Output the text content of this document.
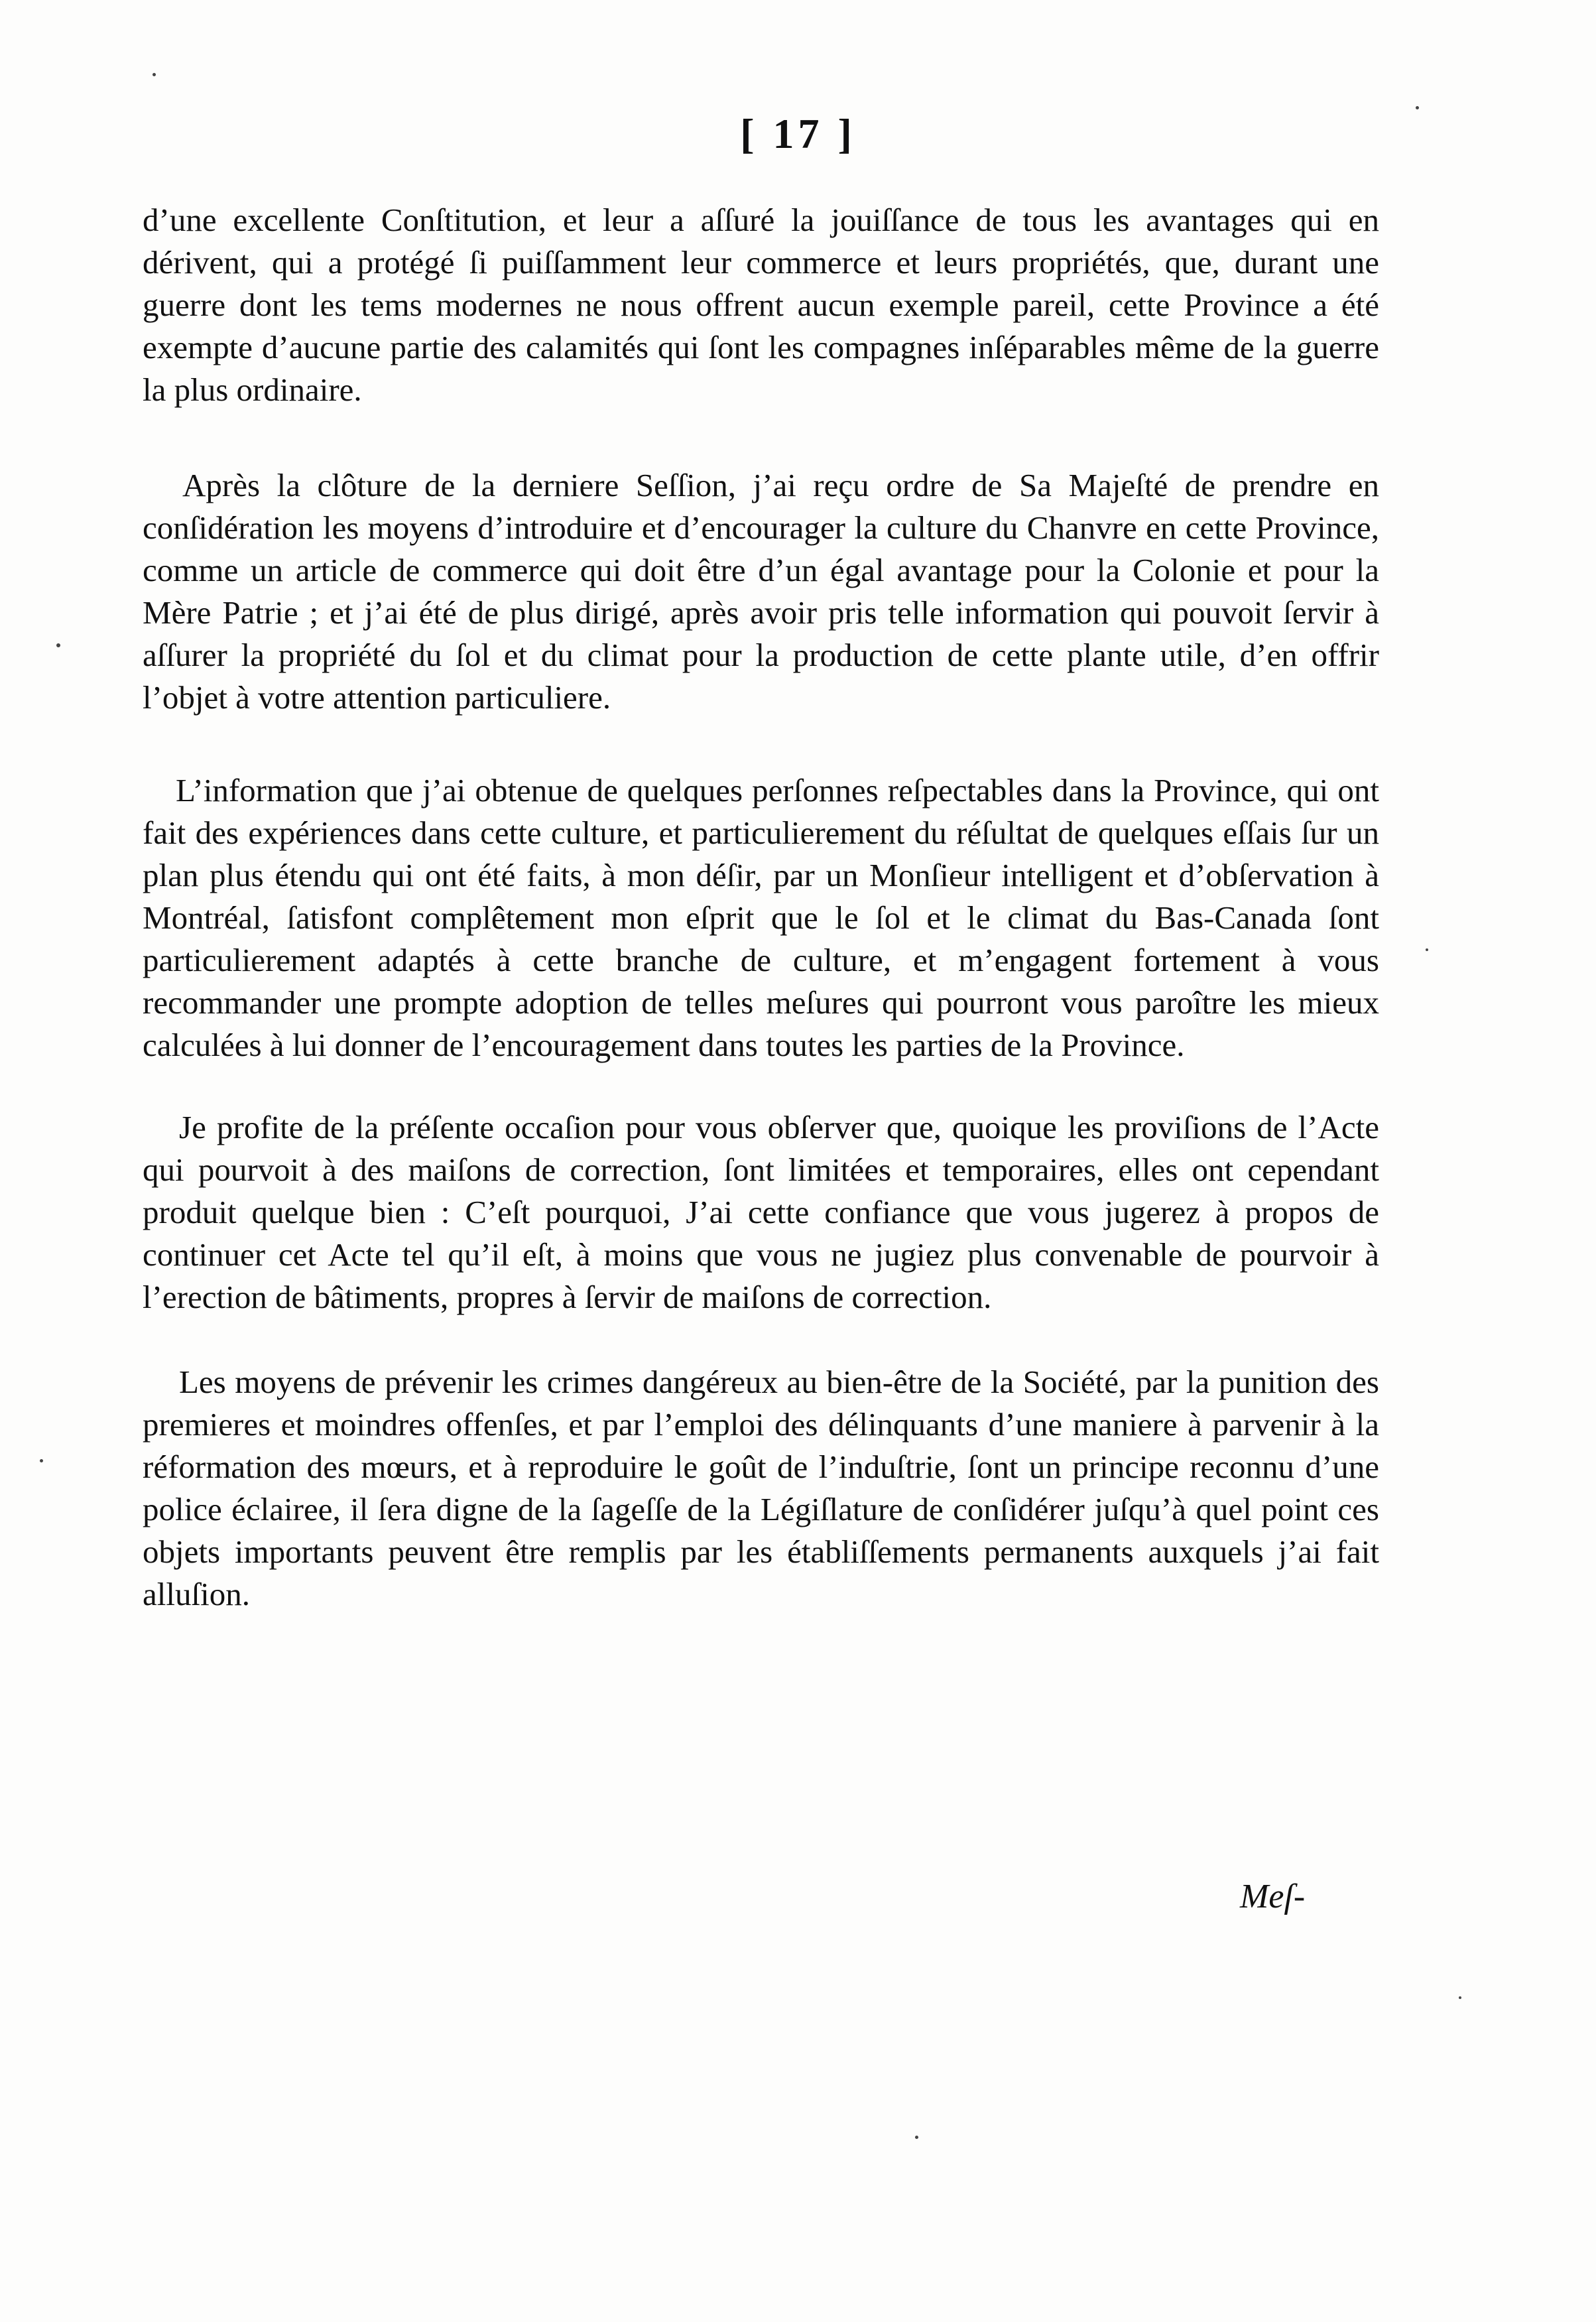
[ 17 ]

d’une excellente Conſtitution, et leur a aſſuré la jouiſſance de tous les avantages qui en dérivent, qui a protégé ſi puiſſamment leur commerce et leurs propriétés, que, durant une guerre dont les tems modernes ne nous offrent aucun exemple pareil, cette Province a été exempte d’aucune partie des calamités qui ſont les compagnes inſéparables même de la guerre la plus ordinaire.

Après la clôture de la derniere Seſſion, j’ai reçu ordre de Sa Majeſté de prendre en conſidération les moyens d’introduire et d’encourager la culture du Chanvre en cette Province, comme un article de commerce qui doit être d’un égal avantage pour la Colonie et pour la Mère Patrie ; et j’ai été de plus dirigé, après avoir pris telle information qui pouvoit ſervir à aſſurer la propriété du ſol et du climat pour la production de cette plante utile, d’en offrir l’objet à votre attention particuliere.

L’information que j’ai obtenue de quelques perſonnes reſpectables dans la Province, qui ont fait des expériences dans cette culture, et particulierement du réſultat de quelques eſſais ſur un plan plus étendu qui ont été faits, à mon déſir, par un Monſieur intelligent et d’obſervation à Montréal, ſatisfont complêtement mon eſprit que le ſol et le climat du Bas-Canada ſont particulierement adaptés à cette branche de culture, et m’engagent fortement à vous recommander une prompte adoption de telles meſures qui pourront vous paroître les mieux calculées à lui donner de l’encouragement dans toutes les parties de la Province.

Je profite de la préſente occaſion pour vous obſerver que, quoique les proviſions de l’Acte qui pourvoit à des maiſons de correction, ſont limitées et temporaires, elles ont cependant produit quelque bien : C’eſt pourquoi, J’ai cette confiance que vous jugerez à propos de continuer cet Acte tel qu’il eſt, à moins que vous ne jugiez plus convenable de pourvoir à l’erection de bâtiments, propres à ſervir de maiſons de correction.

Les moyens de prévenir les crimes dangéreux au bien-être de la Société, par la punition des premieres et moindres offenſes, et par l’emploi des délinquants d’une maniere à parvenir à la réformation des mœurs, et à reproduire le goût de l’induſtrie, ſont un principe reconnu d’une police éclairee, il ſera digne de la ſageſſe de la Légiſlature de conſidérer juſqu’à quel point ces objets importants peuvent être remplis par les établiſſements permanents auxquels j’ai fait alluſion.

Meſ-
